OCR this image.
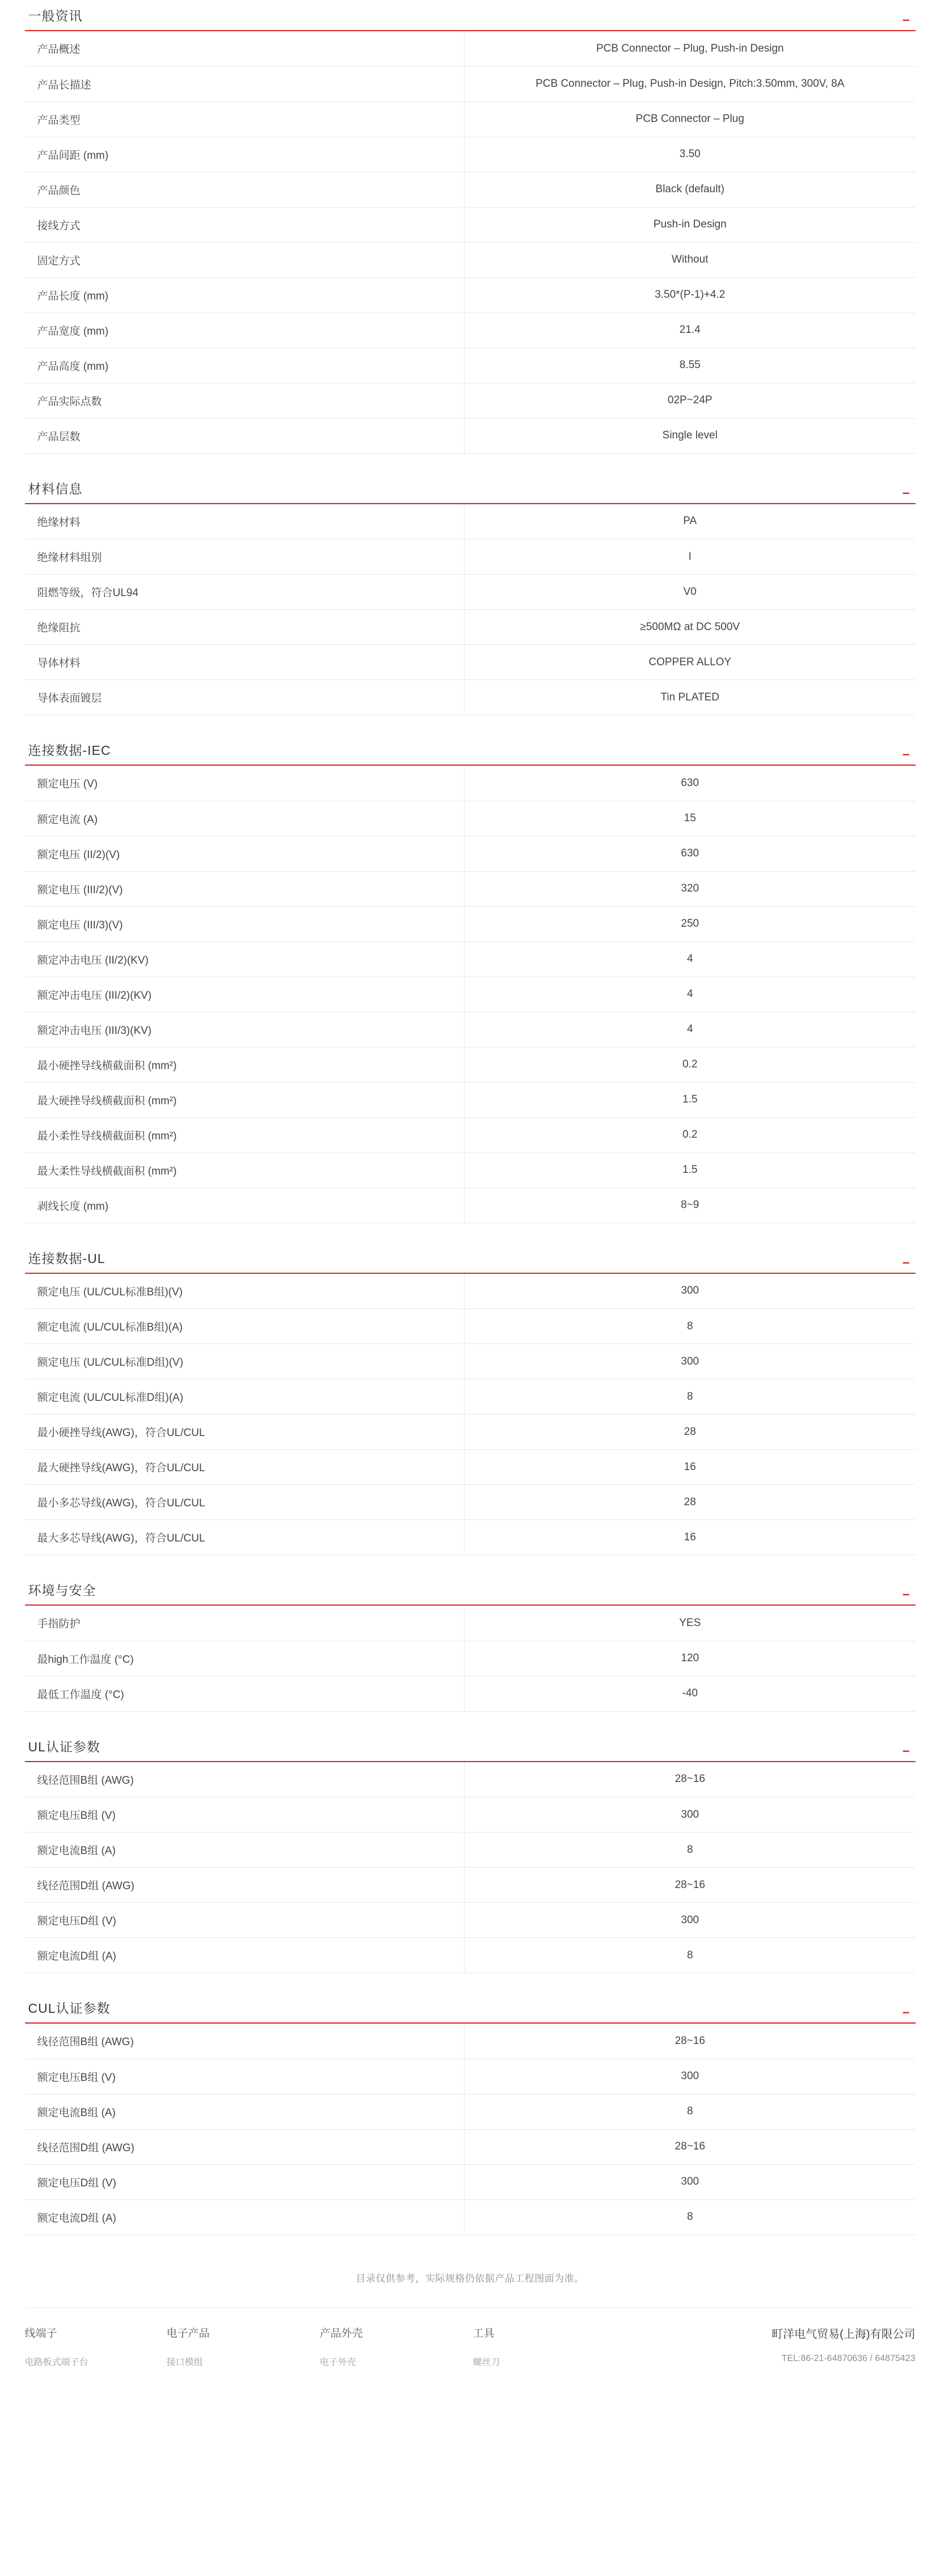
一般资讯	−
产品概述	PCB Connector – Plug, Push-in Design
产品长描述	PCB Connector – Plug, Push-in Design, Pitch:3.50mm, 300V, 8A
产品类型	PCB Connector – Plug
产品间距 (mm)	3.50
产品颜色	Black (default)
接线方式	Push-in Design
固定方式	Without
产品长度 (mm)	3.50*(P-1)+4.2
产品宽度 (mm)	21.4
产品高度 (mm)	8.55
产品实际点数	02P~24P
产品层数	Single level
材料信息	−
绝缘材料	PA
绝缘材料组别	I
阻燃等级，符合UL94	V0
绝缘阻抗	≥500MΩ at DC 500V
导体材料	COPPER ALLOY
导体表面镀层	Tin PLATED
连接数据-IEC	−
额定电压 (V)	630
额定电流 (A)	15
额定电压 (II/2)(V)	630
额定电压 (III/2)(V)	320
额定电压 (III/3)(V)	250
额定冲击电压 (II/2)(KV)	4
额定冲击电压 (III/2)(KV)	4
额定冲击电压 (III/3)(KV)	4
最小硬挫导线横截面积 (mm²)	0.2
最大硬挫导线横截面积 (mm²)	1.5
最小柔性导线横截面积 (mm²)	0.2
最大柔性导线横截面积 (mm²)	1.5
剥线长度 (mm)	8~9
连接数据-UL	−
额定电压 (UL/CUL标准B组)(V)	300
额定电流 (UL/CUL标准B组)(A)	8
额定电压 (UL/CUL标准D组)(V)	300
额定电流 (UL/CUL标准D组)(A)	8
最小硬挫导线(AWG)，符合UL/CUL	28
最大硬挫导线(AWG)，符合UL/CUL	16
最小多芯导线(AWG)，符合UL/CUL	28
最大多芯导线(AWG)，符合UL/CUL	16
环境与安全	−
手指防护	YES
最high工作温度 (°C)	120
最低工作温度 (°C)	-40
UL认证参数	−
线径范围B组 (AWG)	28~16
额定电压B组 (V)	300
额定电流B组 (A)	8
线径范围D组 (AWG)	28~16
额定电压D组 (V)	300
额定电流D组 (A)	8
CUL认证参数	−
线径范围B组 (AWG)	28~16
额定电压B组 (V)	300
额定电流B组 (A)	8
线径范围D组 (AWG)	28~16
额定电压D组 (V)	300
额定电流D组 (A)	8
目录仅供参考，实际规格仍依据产品工程图面为准。
线端子
电路板式端子台
电子产品
接口模组
产品外壳
电子外壳
工具
螺丝刀
町洋电气贸易(上海)有限公司
TEL:86-21-64870636 / 64875423
